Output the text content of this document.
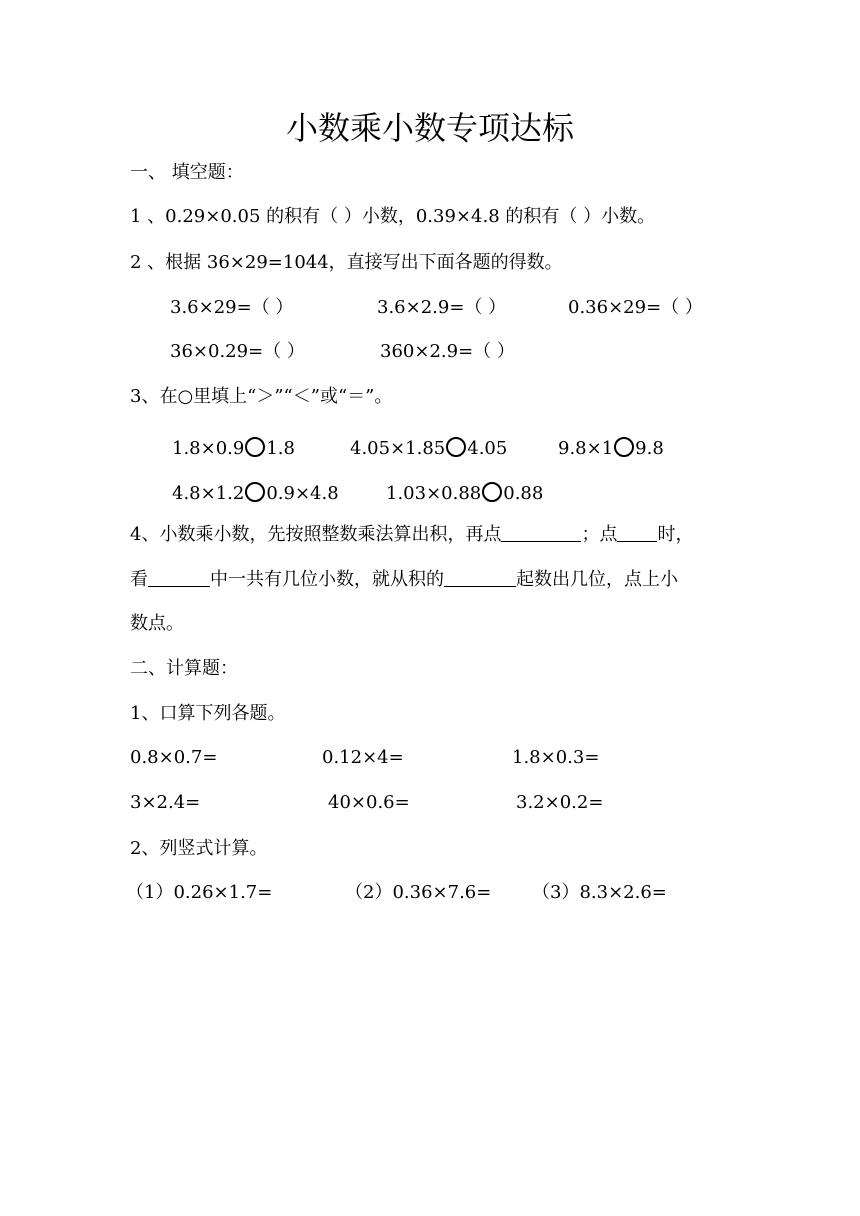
小数乘小数专项达标
一、 填空题：
1 、0.29×0.05 的积有（ ）小数，0.39×4.8 的积有（ ）小数。
2 、根据 36×29=1044，直接写出下面各题的得数。
3.6×29=（ ）	3.6×2.9=（ ）	0.36×29=（ ）
36×0.29=（ ）	360×2.9=（ ）
3、在○里填上“＞”“＜”或“＝”。
1.8×0.9 1.8	4.05×1.85 4.05	9.8×1 9.8
4.8×1.2 0.9×4.8	1.03×0.88 0.88
4、小数乘小数，先按照整数乘法算出积，再点	；点 时，
看	中一共有几位小数，就从积的	起数出几位，点上小
数点。
二、计算题：
1、口算下列各题。
0.8×0.7=	0.12×4=	1.8×0.3=
3×2.4=	40×0.6=	3.2×0.2=
2、列竖式计算。
（1）0.26×1.7=	（2）0.36×7.6= （3）8.3×2.6=
